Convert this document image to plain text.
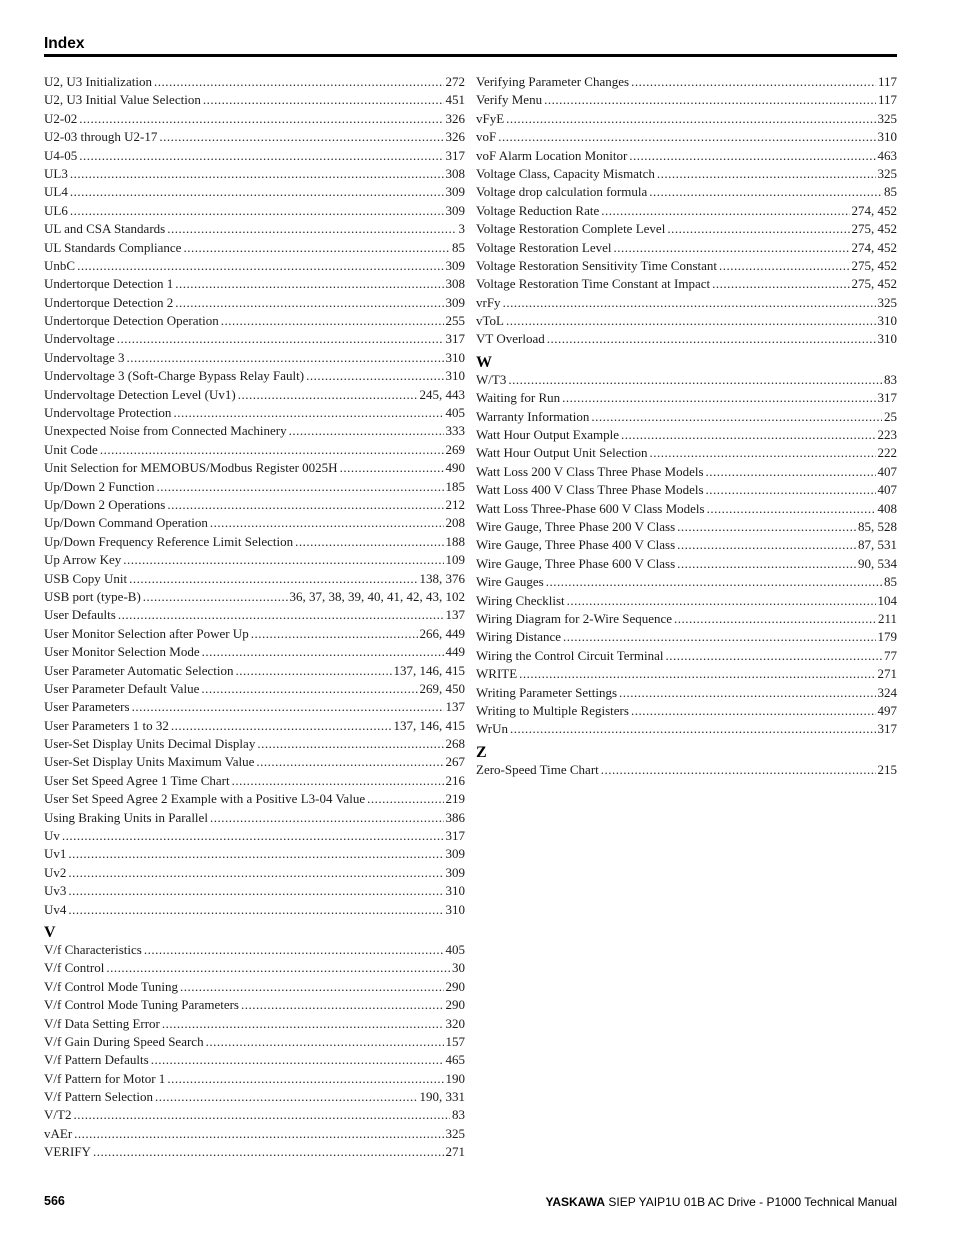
Index
U2, U3 Initialization .....	272
U2, U3 Initial Value Selection .....	451
U2-02 .....	326
U2-03 through U2-17 .....	326
U4-05 .....	317
UL3 .....	308
UL4 .....	309
UL6 .....	309
UL and CSA Standards .....	3
UL Standards Compliance .....	85
UnbC .....	309
Undertorque Detection 1 .....	308
Undertorque Detection 2 .....	309
Undertorque Detection Operation .....	255
Undervoltage .....	317
Undervoltage 3 .....	310
Undervoltage 3 (Soft-Charge Bypass Relay Fault) .....	310
Undervoltage Detection Level (Uv1) .....	245, 443
Undervoltage Protection .....	405
Unexpected Noise from Connected Machinery .....	333
Unit Code .....	269
Unit Selection for MEMOBUS/Modbus Register 0025H .....	490
Up/Down 2 Function .....	185
Up/Down 2 Operations .....	212
Up/Down Command Operation .....	208
Up/Down Frequency Reference Limit Selection .....	188
Up Arrow Key .....	109
USB Copy Unit .....	138, 376
USB port (type-B) .....	36, 37, 38, 39, 40, 41, 42, 43, 102
User Defaults .....	137
User Monitor Selection after Power Up .....	266, 449
User Monitor Selection Mode .....	449
User Parameter Automatic Selection .....	137, 146, 415
User Parameter Default Value .....	269, 450
User Parameters .....	137
User Parameters 1 to 32 .....	137, 146, 415
User-Set Display Units Decimal Display .....	268
User-Set Display Units Maximum Value .....	267
User Set Speed Agree 1 Time Chart .....	216
User Set Speed Agree 2 Example with a Positive L3-04 Value .....	219
Using Braking Units in Parallel .....	386
Uv .....	317
Uv1 .....	309
Uv2 .....	309
Uv3 .....	310
Uv4 .....	310
V
V/f Characteristics .....	405
V/f Control .....	30
V/f Control Mode Tuning .....	290
V/f Control Mode Tuning Parameters .....	290
V/f Data Setting Error .....	320
V/f Gain During Speed Search .....	157
V/f Pattern Defaults .....	465
V/f Pattern for Motor 1 .....	190
V/f Pattern Selection .....	190, 331
V/T2 .....	83
vAEr .....	325
VERIFY .....	271
Verifying Parameter Changes .....	117
Verify Menu .....	117
vFyE .....	325
voF .....	310
voF Alarm Location Monitor .....	463
Voltage Class, Capacity Mismatch .....	325
Voltage drop calculation formula .....	85
Voltage Reduction Rate .....	274, 452
Voltage Restoration Complete Level .....	275, 452
Voltage Restoration Level .....	274, 452
Voltage Restoration Sensitivity Time Constant .....	275, 452
Voltage Restoration Time Constant at Impact .....	275, 452
vrFy .....	325
vToL .....	310
VT Overload .....	310
W
W/T3 .....	83
Waiting for Run .....	317
Warranty Information .....	25
Watt Hour Output Example .....	223
Watt Hour Output Unit Selection .....	222
Watt Loss 200 V Class Three Phase Models .....	407
Watt Loss 400 V Class Three Phase Models .....	407
Watt Loss Three-Phase 600 V Class Models .....	408
Wire Gauge, Three Phase 200 V Class .....	85, 528
Wire Gauge, Three Phase 400 V Class .....	87, 531
Wire Gauge, Three Phase 600 V Class .....	90, 534
Wire Gauges .....	85
Wiring Checklist .....	104
Wiring Diagram for 2-Wire Sequence .....	211
Wiring Distance .....	179
Wiring the Control Circuit Terminal .....	77
WRITE .....	271
Writing Parameter Settings .....	324
Writing to Multiple Registers .....	497
WrUn .....	317
Z
Zero-Speed Time Chart .....	215
566	YASKAWA SIEP YAIP1U 01B AC Drive - P1000 Technical Manual
